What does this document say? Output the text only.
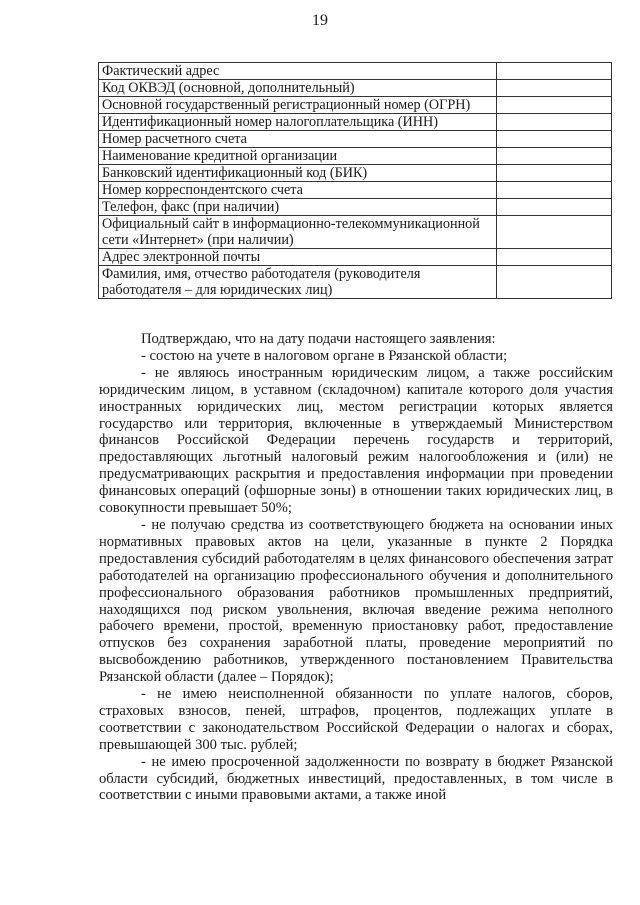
19
Фактический адрес	
Код ОКВЭД (основной, дополнительный)	
Основной государственный регистрационный номер (ОГРН)	
Идентификационный номер налогоплательщика (ИНН)	
Номер расчетного счета	
Наименование кредитной организации	
Банковский идентификационный код (БИК)	
Номер корреспондентского счета	
Телефон, факс (при наличии)	
Официальный сайт в информационно-телекоммуникационной сети «Интернет» (при наличии)	
Адрес электронной почты	
Фамилия, имя, отчество работодателя (руководителя работодателя – для юридических лиц)	

Подтверждаю, что на дату подачи настоящего заявления:

- состою на учете в налоговом органе в Рязанской области;

- не являюсь иностранным юридическим лицом, а также российским юридическим лицом, в уставном (складочном) капитале которого доля участия иностранных юридических лиц, местом регистрации которых является государство или территория, включенные в утверждаемый Министерством финансов Российской Федерации перечень государств и территорий, предоставляющих льготный налоговый режим налогообложения и (или) не предусматривающих раскрытия и предоставления информации при проведении финансовых операций (офшорные зоны) в отношении таких юридических лиц, в совокупности превышает 50%;

- не получаю средства из соответствующего бюджета на основании иных нормативных правовых актов на цели, указанные в пункте 2 Порядка предоставления субсидий работодателям в целях финансового обеспечения затрат работодателей на организацию профессионального обучения и дополнительного профессионального образования работников промышленных предприятий, находящихся под риском увольнения, включая введение режима неполного рабочего времени, простой, временную приостановку работ, предоставление отпусков без сохранения заработной платы, проведение мероприятий по высвобождению работников, утвержденного постановлением Правительства Рязанской области (далее – Порядок);

- не имею неисполненной обязанности по уплате налогов, сборов, страховых взносов, пеней, штрафов, процентов, подлежащих уплате в соответствии с законодательством Российской Федерации о налогах и сборах, превышающей 300 тыс. рублей;

- не имею просроченной задолженности по возврату в бюджет Рязанской области субсидий, бюджетных инвестиций, предоставленных, в том числе в соответствии с иными правовыми актами, а также иной
